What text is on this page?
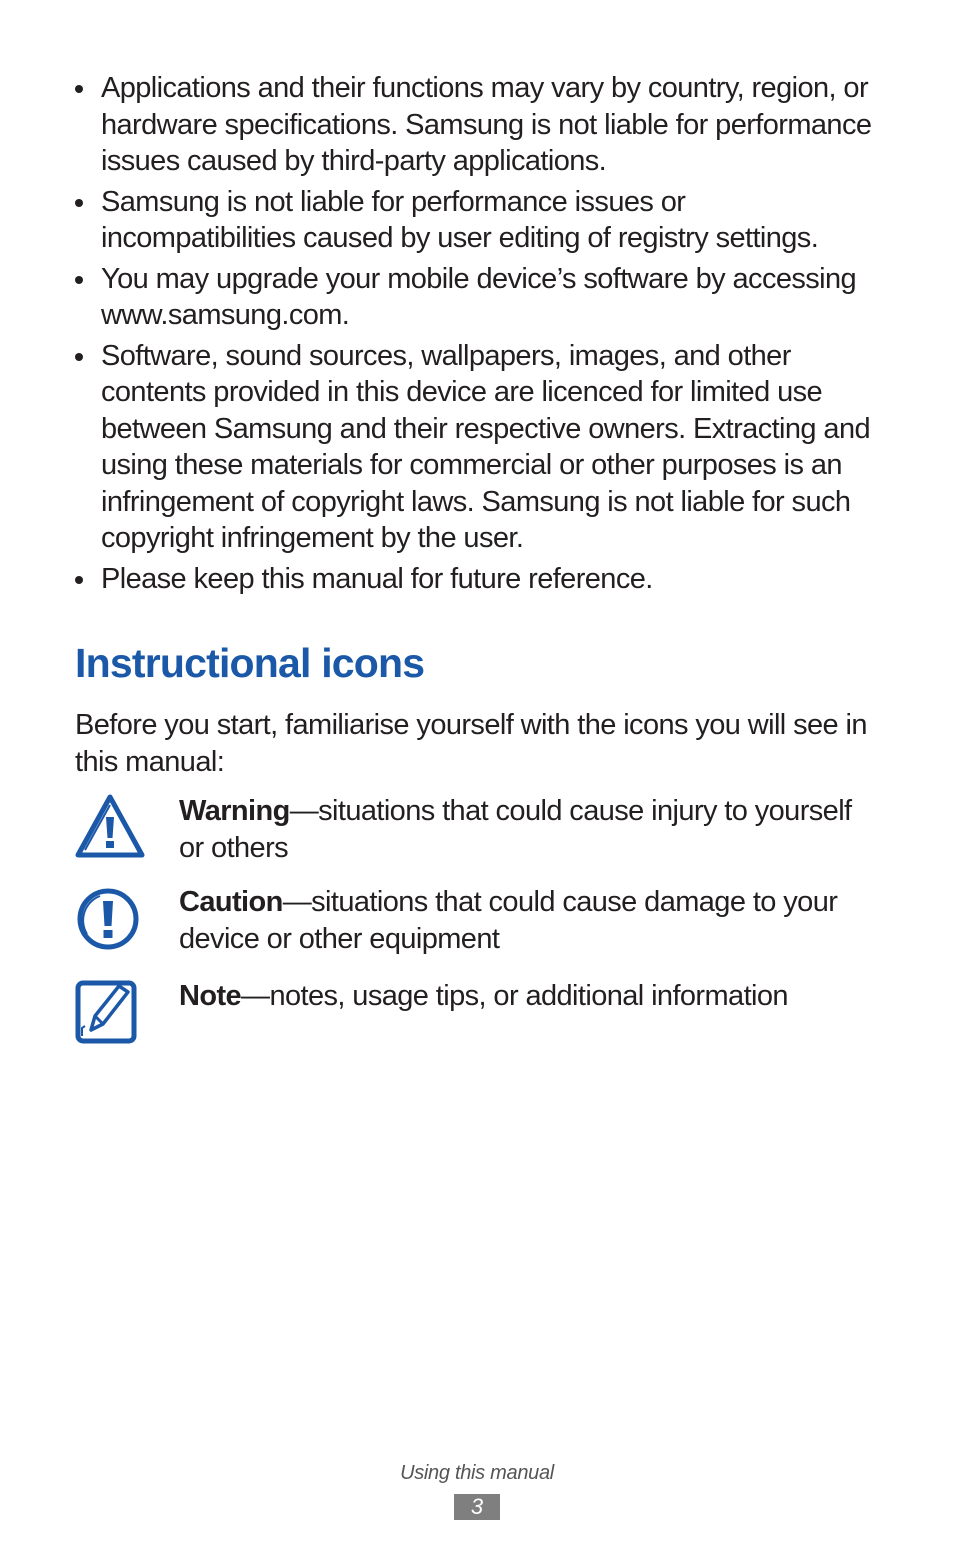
Applications and their functions may vary by country, region, or hardware specifications. Samsung is not liable for performance issues caused by third-party applications.
Samsung is not liable for performance issues or incompatibilities caused by user editing of registry settings.
You may upgrade your mobile device’s software by accessing www.samsung.com.
Software, sound sources, wallpapers, images, and other contents provided in this device are licenced for limited use between Samsung and their respective owners. Extracting and using these materials for commercial or other purposes is an infringement of copyright laws. Samsung is not liable for such copyright infringement by the user.
Please keep this manual for future reference.
Instructional icons
Before you start, familiarise yourself with the icons you will see in this manual:
Warning—situations that could cause injury to yourself or others
Caution—situations that could cause damage to your device or other equipment
Note—notes, usage tips, or additional information
Using this manual
3
